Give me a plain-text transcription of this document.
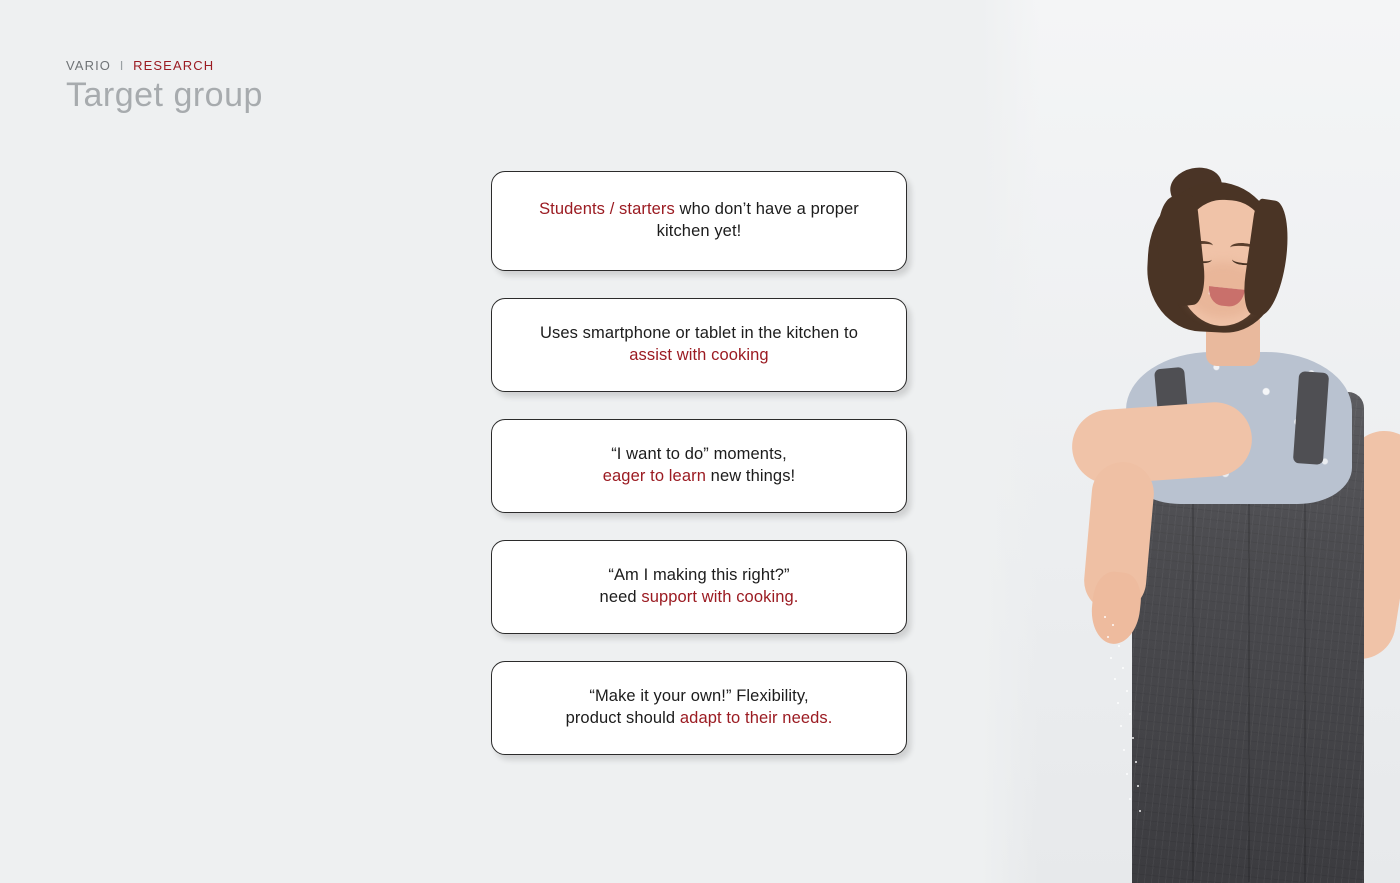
VARIO I RESEARCH
Target group
Students / starters who don’t have a proper
kitchen yet!
Uses smartphone or tablet in the kitchen to
assist with cooking
“I want to do” moments,
eager to learn new things!
“Am I making this right?”
need support with cooking.
“Make it your own!” Flexibility,
product should adapt to their needs.
